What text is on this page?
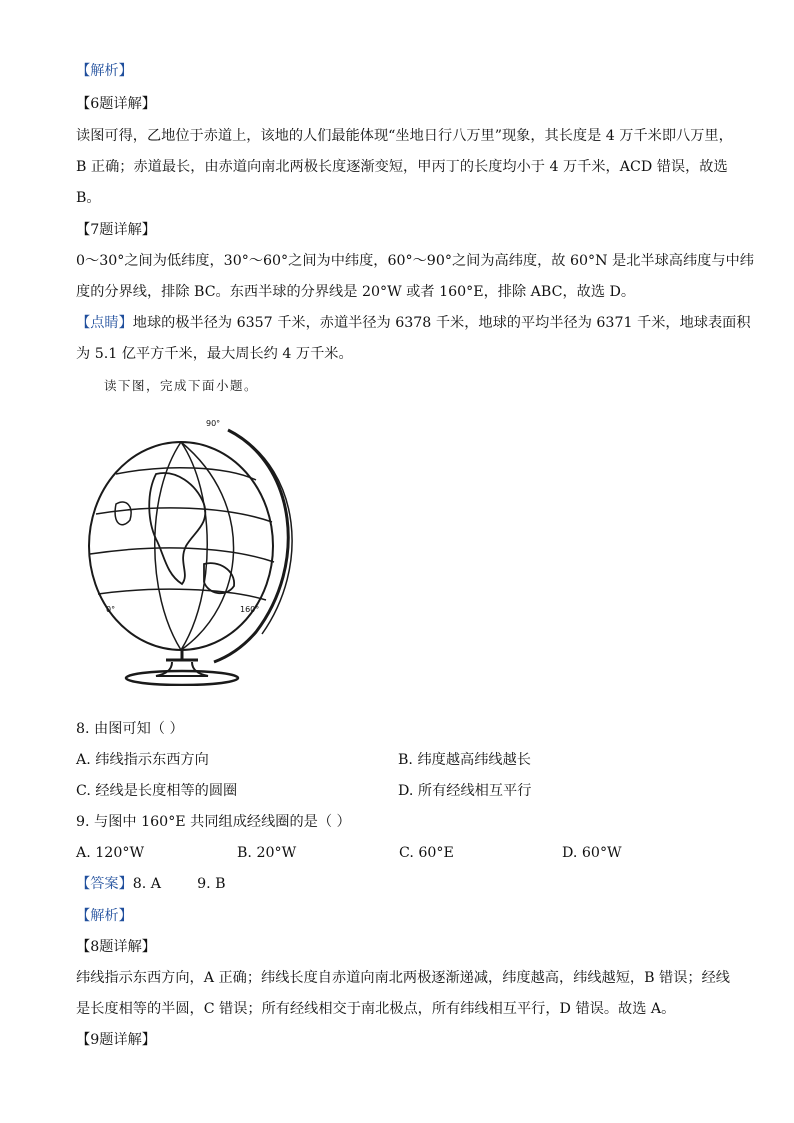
【解析】
【6题详解】
读图可得，乙地位于赤道上，该地的人们最能体现“坐地日行八万里”现象，其长度是 4 万千米即八万里，
B 正确；赤道最长，由赤道向南北两极长度逐渐变短，甲丙丁的长度均小于 4 万千米，ACD 错误，故选
B。
【7题详解】
0～30°之间为低纬度，30°～60°之间为中纬度，60°～90°之间为高纬度，故 60°N 是北半球高纬度与中纬
度的分界线，排除 BC。东西半球的分界线是 20°W 或者 160°E，排除 ABC，故选 D。
【点睛】地球的极半径为 6357 千米，赤道半径为 6378 千米，地球的平均半径为 6371 千米，地球表面积
为 5.1 亿平方千米，最大周长约 4 万千米。
读下图，完成下面小题。
90°
0°	160°
8. 由图可知（ ）
A. 纬线指示东西方向	B. 纬度越高纬线越长
C. 经线是长度相等的圆圈	D. 所有经线相互平行
9. 与图中 160°E 共同组成经线圈的是（ ）
A. 120°W	B. 20°W	C. 60°E	D. 60°W
【答案】8. A        9. B
【解析】
【8题详解】
纬线指示东西方向，A 正确；纬线长度自赤道向南北两极逐渐递减，纬度越高，纬线越短，B 错误；经线
是长度相等的半圆，C 错误；所有经线相交于南北极点，所有纬线相互平行，D 错误。故选 A。
【9题详解】
